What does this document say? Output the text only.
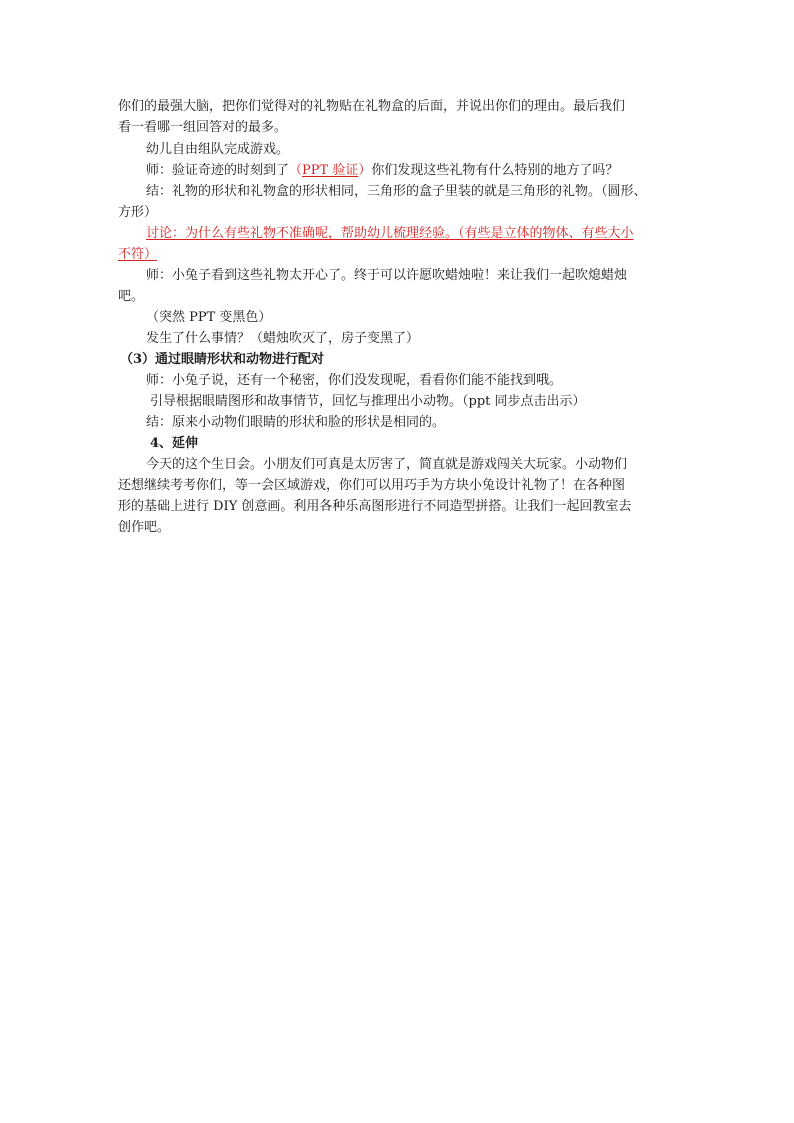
你们的最强大脑，把你们觉得对的礼物贴在礼物盒的后面，并说出你们的理由。最后我们
看一看哪一组回答对的最多。
幼儿自由组队完成游戏。
师：验证奇迹的时刻到了（PPT 验证）你们发现这些礼物有什么特别的地方了吗？
结：礼物的形状和礼物盒的形状相同，三角形的盒子里装的就是三角形的礼物。（圆形、
方形）
讨论：为什么有些礼物不准确呢，帮助幼儿梳理经验。（有些是立体的物体、有些大小
不符）
师：小兔子看到这些礼物太开心了。终于可以许愿吹蜡烛啦！来让我们一起吹熄蜡烛
吧。
（突然 PPT 变黑色）
发生了什么事情？（蜡烛吹灭了，房子变黑了）
（3）通过眼睛形状和动物进行配对
师：小兔子说，还有一个秘密，你们没发现呢，看看你们能不能找到哦。
引导根据眼睛图形和故事情节，回忆与推理出小动物。（ppt 同步点击出示）
结：原来小动物们眼睛的形状和脸的形状是相同的。
4、延伸
今天的这个生日会。小朋友们可真是太厉害了，简直就是游戏闯关大玩家。小动物们
还想继续考考你们，等一会区域游戏，你们可以用巧手为方块小兔设计礼物了！在各种图
形的基础上进行 DIY 创意画。利用各种乐高图形进行不同造型拼搭。让我们一起回教室去
创作吧。
